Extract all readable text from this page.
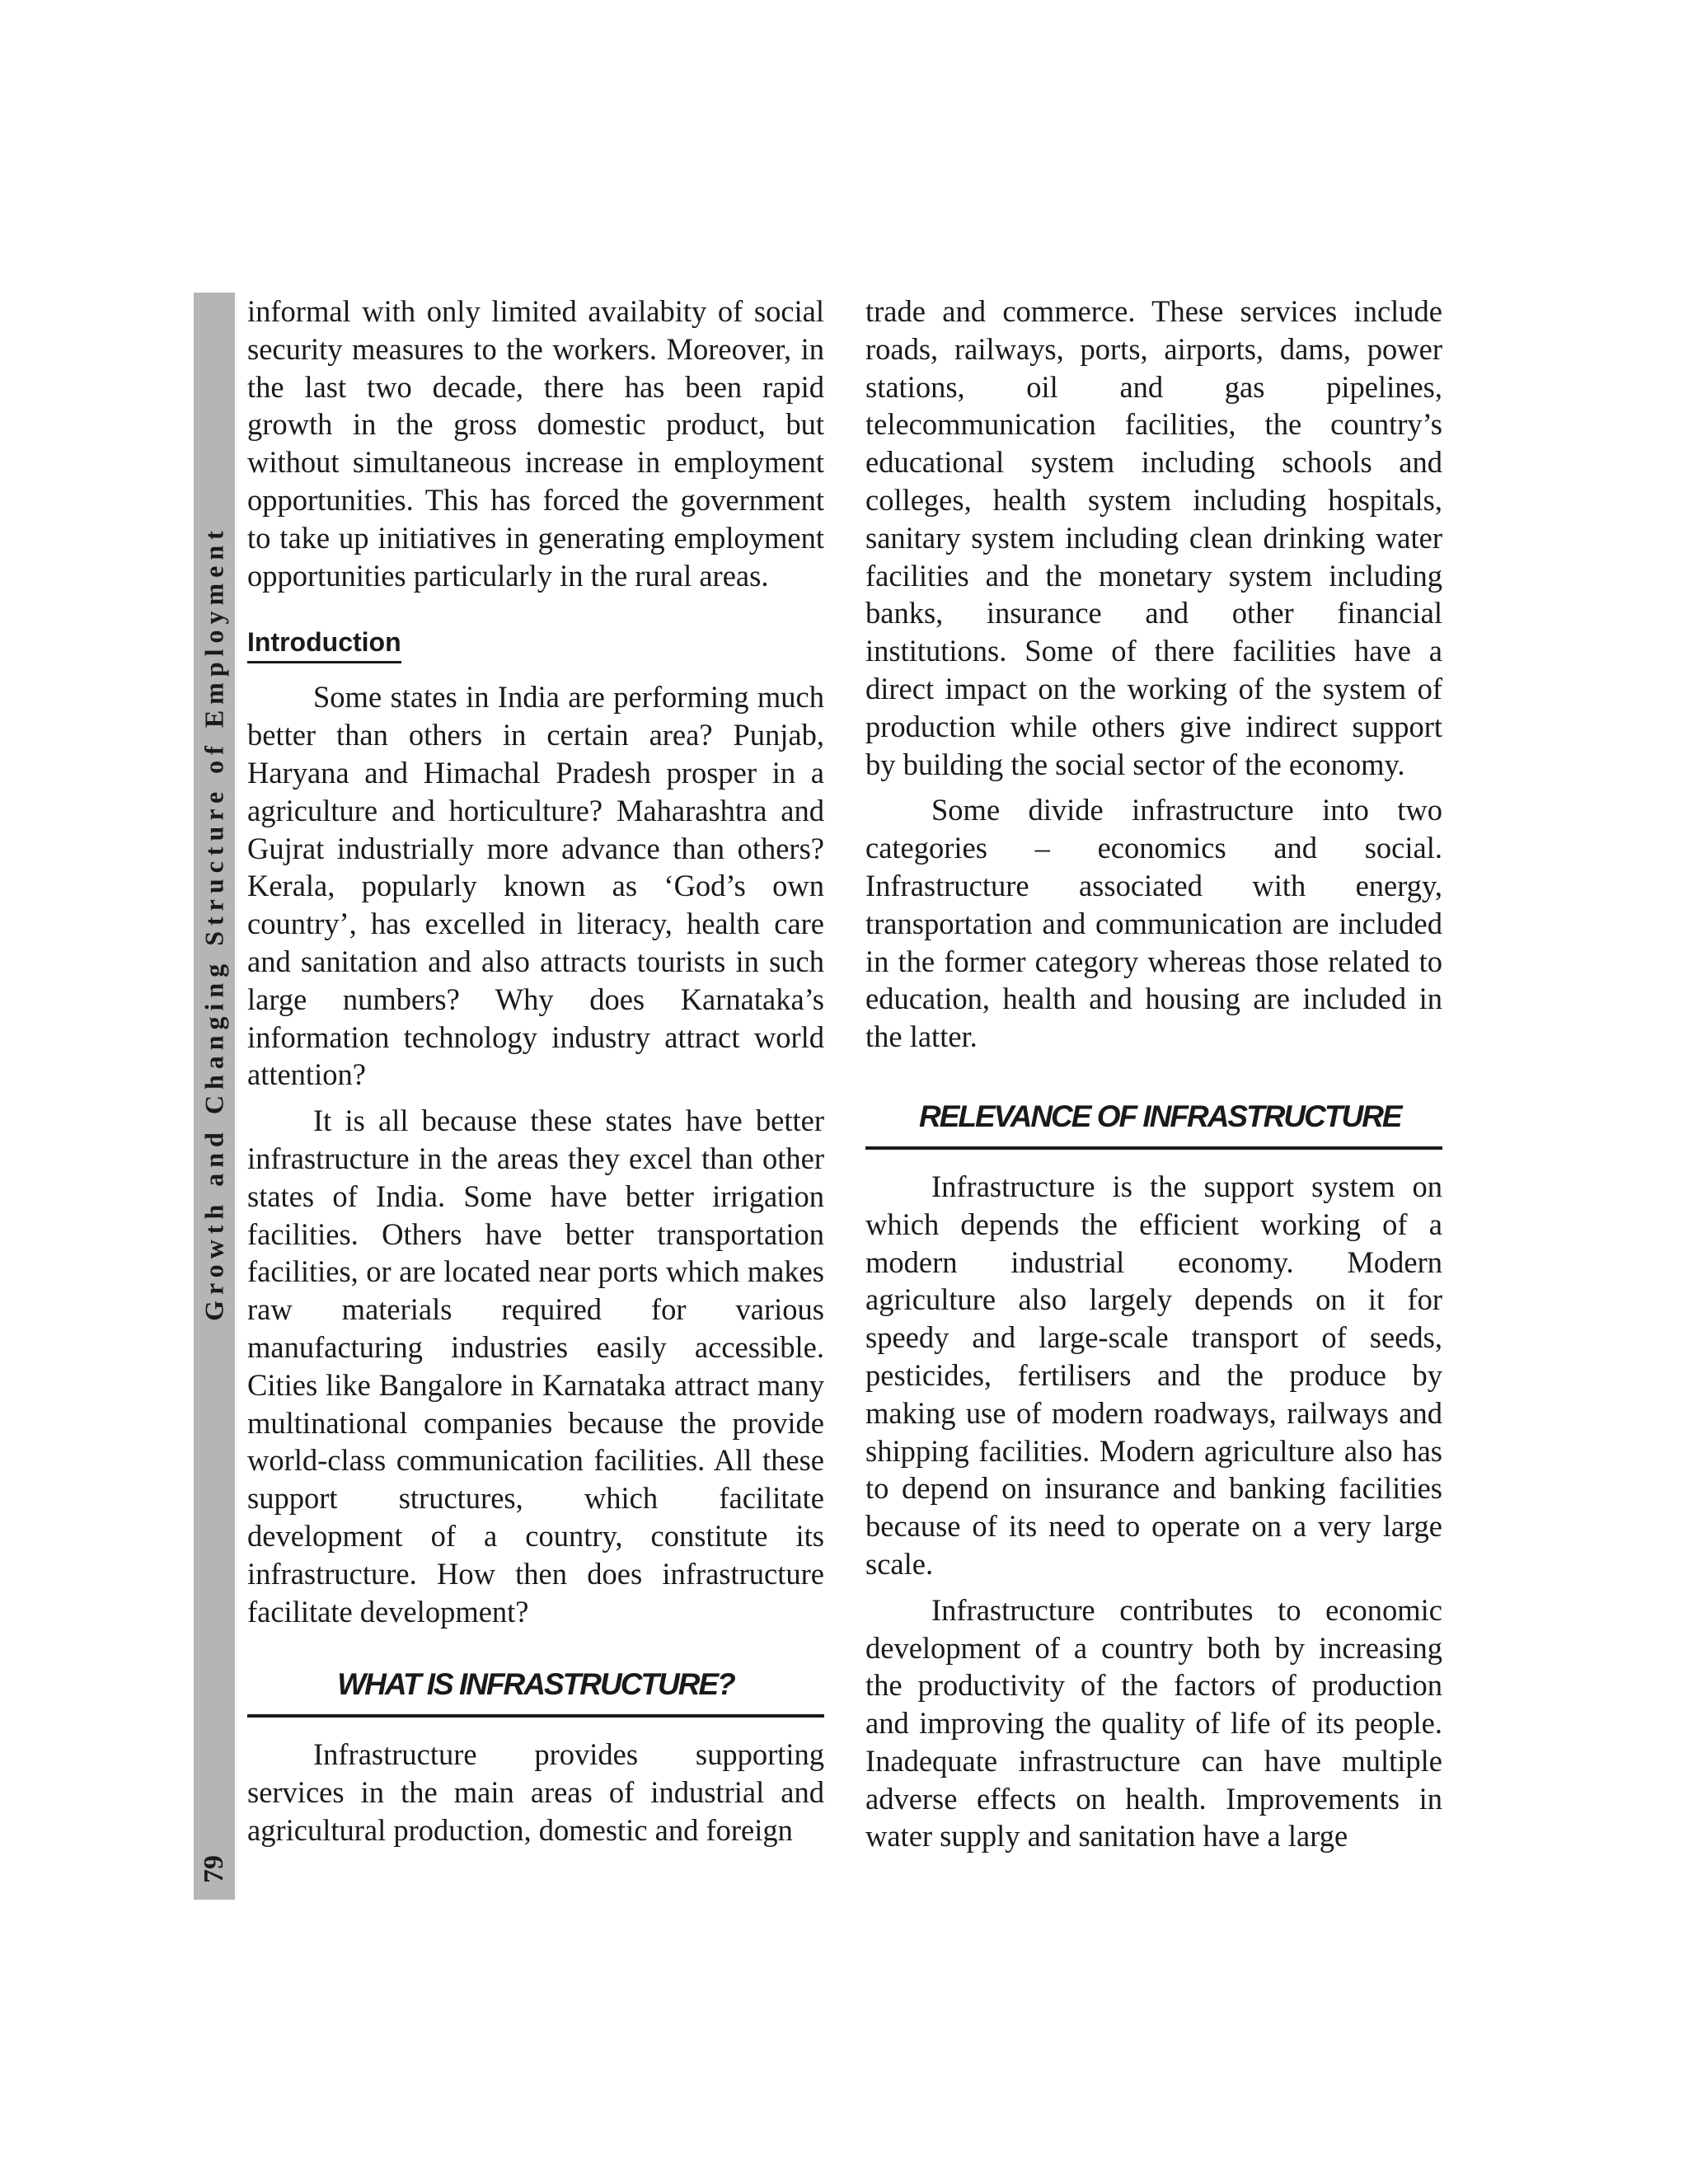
Growth and Changing Structure of Employment
79

informal with only limited availabity of social security measures to the workers. Moreover, in the last two decade, there has been rapid growth in the gross domestic product, but without simultaneous increase in employment opportunities. This has forced the government to take up initiatives in generating employment opportunities particularly in the rural areas.

Introduction

Some states in India are performing much better than others in certain area? Punjab, Haryana and Himachal Pradesh prosper in a agriculture and horticulture? Maharashtra and Gujrat industrially more advance than others? Kerala, popularly known as ‘God’s own country’, has excelled in literacy, health care and sanitation and also attracts tourists in such large numbers? Why does Karnataka’s information technology industry attract world attention?

It is all because these states have better infrastructure in the areas they excel than other states of India. Some have better irrigation facilities. Others have better transportation facilities, or are located near ports which makes raw materials required for various manufacturing industries easily accessible. Cities like Bangalore in Karnataka attract many multinational companies because the provide world-class communication facilities. All these support structures, which facilitate development of a country, constitute its infrastructure. How then does infrastructure facilitate development?

WHAT IS INFRASTRUCTURE?

Infrastructure provides supporting services in the main areas of industrial and agricultural production, domestic and foreign

trade and commerce. These services include roads, railways, ports, airports, dams, power stations, oil and gas pipelines, telecommunication facilities, the country’s educational system including schools and colleges, health system including hospitals, sanitary system including clean drinking water facilities and the monetary system including banks, insurance and other financial institutions. Some of there facilities have a direct impact on the working of the system of production while others give indirect support by building the social sector of the economy.

Some divide infrastructure into two categories – economics and social. Infrastructure associated with energy, transportation and communication are included in the former category whereas those related to education, health and housing are included in the latter.

RELEVANCE OF INFRASTRUCTURE

Infrastructure is the support system on which depends the efficient working of a modern industrial economy. Modern agriculture also largely depends on it for speedy and large-scale transport of seeds, pesticides, fertilisers and the produce by making use of modern roadways, railways and shipping facilities. Modern agriculture also has to depend on insurance and banking facilities because of its need to operate on a very large scale.

Infrastructure contributes to economic development of a country both by increasing the productivity of the factors of production and improving the quality of life of its people. Inadequate infrastructure can have multiple adverse effects on health. Improvements in water supply and sanitation have a large
